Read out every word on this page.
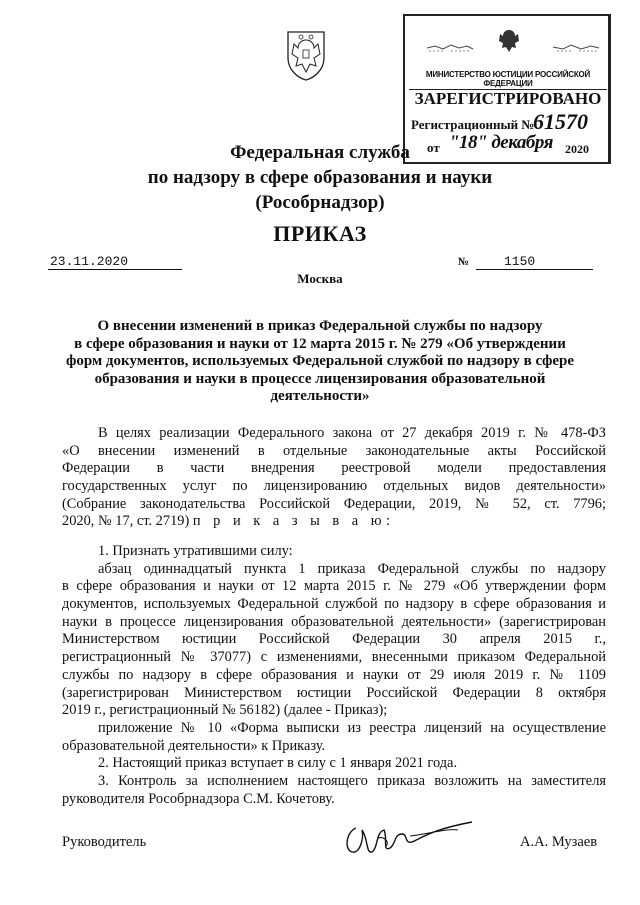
МИНИСТЕРСТВО ЮСТИЦИИ РОССИЙСКОЙ ФЕДЕРАЦИИ
ЗАРЕГИСТРИРОВАНО
Регистрационный №
61570
от "18" декабря 2020
Федеральная служба
по надзору в сфере образования и науки
(Рособрнадзор)
ПРИКАЗ
23.11.2020	№	1150
Москва
О внесении изменений в приказ Федеральной службы по надзору
в сфере образования и науки от 12 марта 2015 г. № 279 «Об утверждении
форм документов, используемых Федеральной службой по надзору в сфере
образования и науки в процессе лицензирования образовательной
деятельности»
В целях реализации Федерального закона от 27 декабря 2019 г. № 478-ФЗ
«О внесении изменений в отдельные законодательные акты Российской
Федерации в части внедрения реестровой модели предоставления
государственных услуг по лицензированию отдельных видов деятельности»
(Собрание законодательства Российской Федерации, 2019, № 52, ст. 7796;
2020, № 17, ст. 2719) п р и к а з ы в а ю:
1. Признать утратившими силу:
абзац одиннадцатый пункта 1 приказа Федеральной службы по надзору
в сфере образования и науки от 12 марта 2015 г. № 279 «Об утверждении форм
документов, используемых Федеральной службой по надзору в сфере образования и
науки в процессе лицензирования образовательной деятельности» (зарегистрирован
Министерством юстиции Российской Федерации 30 апреля 2015 г.,
регистрационный № 37077) с изменениями, внесенными приказом Федеральной
службы по надзору в сфере образования и науки от 29 июля 2019 г. № 1109
(зарегистрирован Министерством юстиции Российской Федерации 8 октября
2019 г., регистрационный № 56182) (далее - Приказ);
приложение № 10 «Форма выписки из реестра лицензий на осуществление
образовательной деятельности» к Приказу.
2. Настоящий приказ вступает в силу с 1 января 2021 года.
3. Контроль за исполнением настоящего приказа возложить на заместителя
руководителя Рособрнадзора С.М. Кочетову.
Руководитель	А.А. Музаев
